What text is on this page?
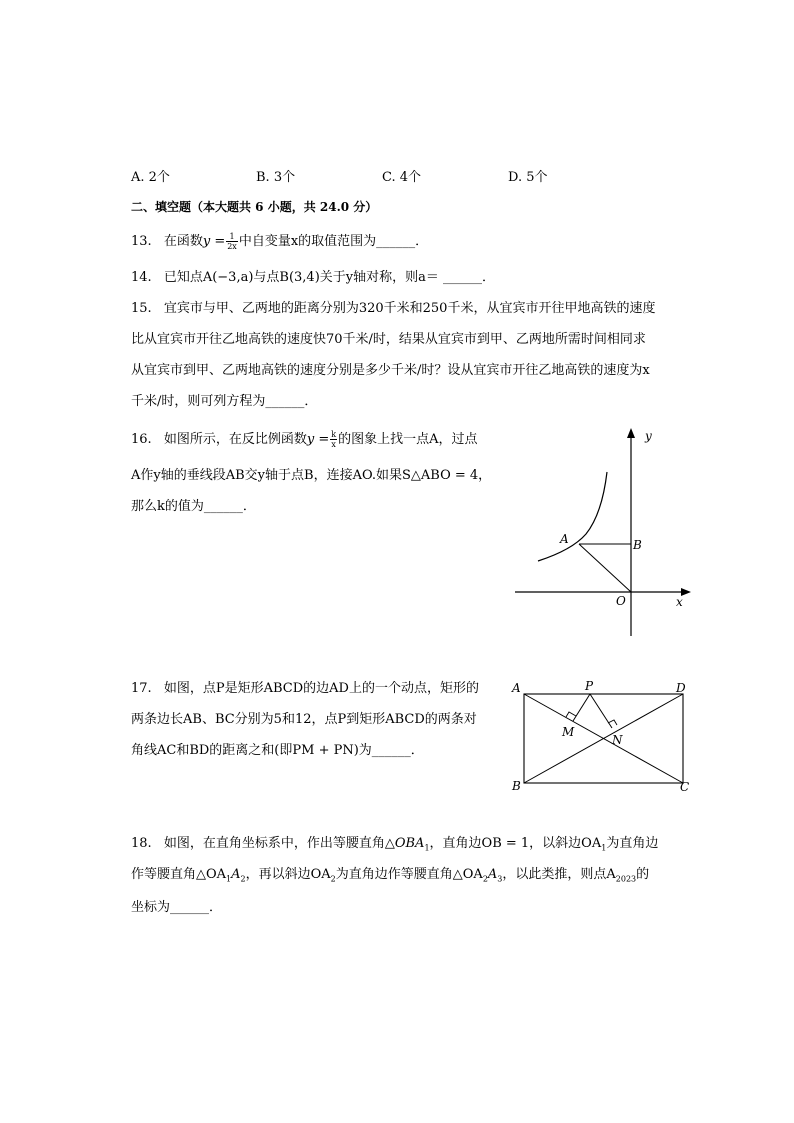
A. 2个	B. 3个	C. 4个	D. 5个
二、填空题（本大题共 6 小题，共 24.0 分）
13. 在函数$y = \frac{1}{2x}$ 中自变量x的取值范围为______．
14. 已知点A(−3,a)与点B(3,4)关于y轴对称，则a＝ ______．
15. 宜宾市与甲、乙两地的距离分别为320千米和250千米，从宜宾市开往甲地高铁的速度
比从宜宾市开往乙地高铁的速度快70千米/时，结果从宜宾市到甲、乙两地所需时间相同求
从宜宾市到甲、乙两地高铁的速度分别是多少千米/时？设从宜宾市开往乙地高铁的速度为x
千米/时，则可列方程为______．
16. 如图所示，在反比例函数$y = \frac{k}{x}$ 的图象上找一点A，过点
A作y轴的垂线段AB交y轴于点B，连接AO.如果S△ABO = 4，
那么k的值为______．
y
x
A	B
O
17. 如图，点P是矩形ABCD的边AD上的一个动点，矩形的
两条边长AB、BC分别为5和12，点P到矩形ABCD的两条对
角线AC和BD的距离之和(即PM + PN)为______．
A	P	D
M
N
B	C
18. 如图，在直角坐标系中，作出等腰直角$\triangle OBA_1$，直角边OB = 1，以斜边$OA_1$为直角边
作等腰直角$\triangle OA_1A_2$，再以斜边$OA_2$为直角边作等腰直角$\triangle OA_2A_3$，以此类推，则点$A_{2023}$的
坐标为______．
